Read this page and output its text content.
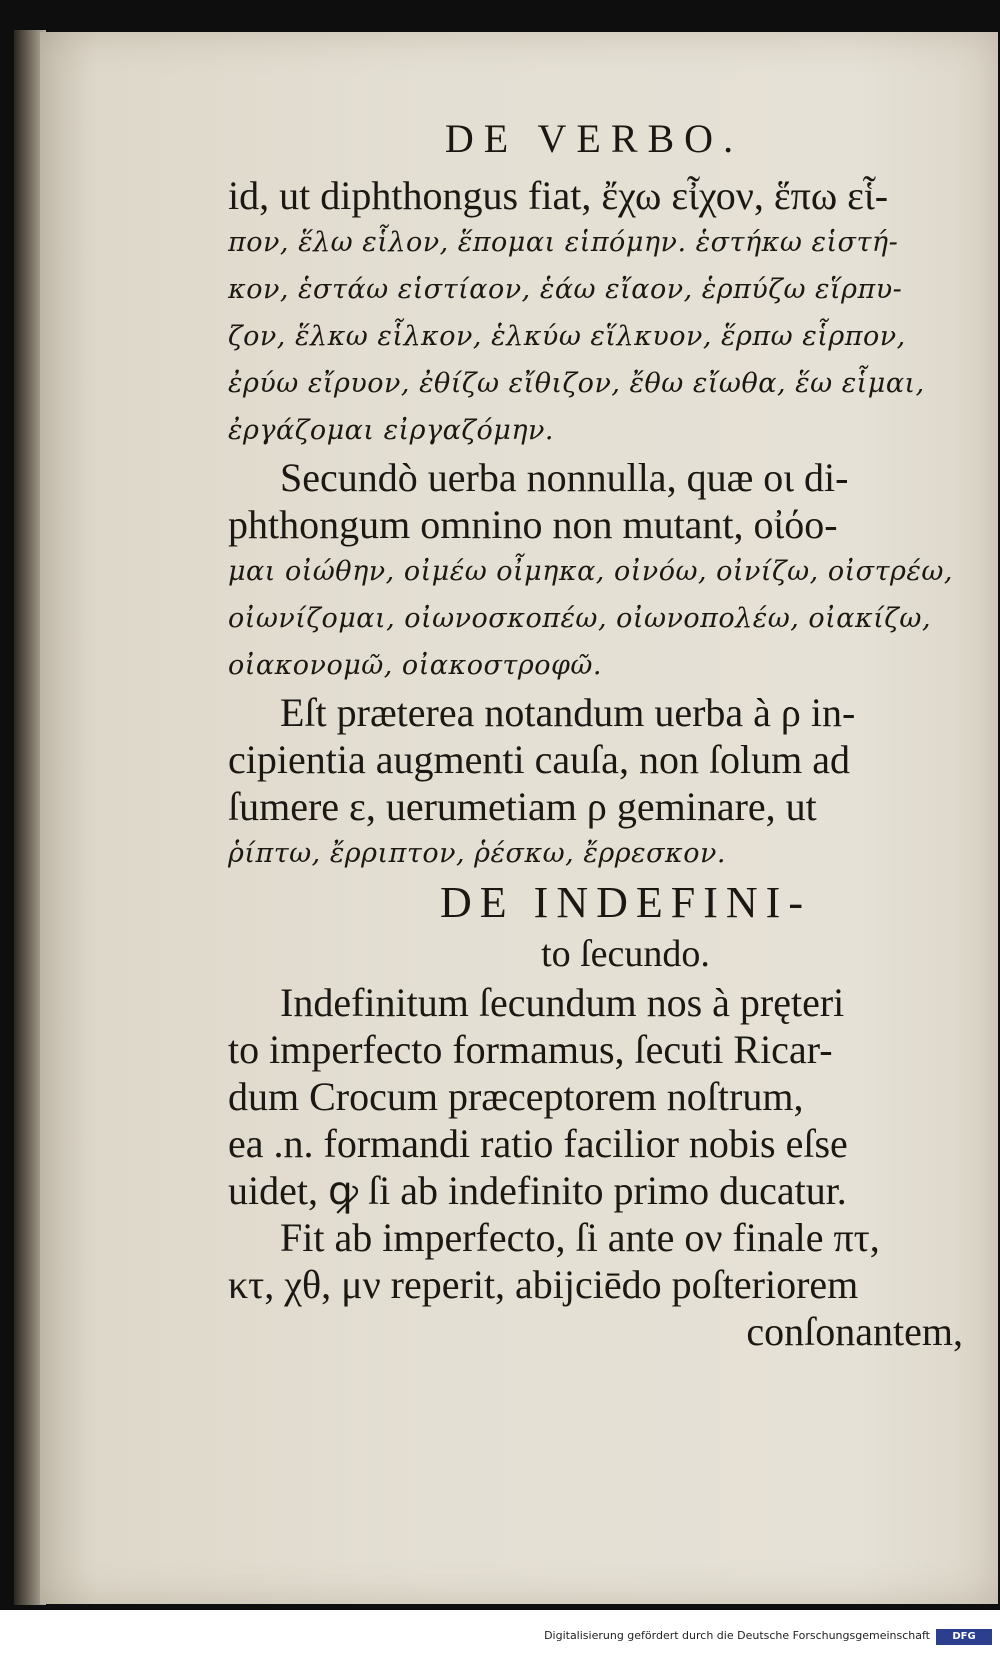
DE VERBO.
id, ut diphthongus fiat, ἔχω εἶχον, ἕπω εἷ-
πον, ἕλω εἷλον, ἕπομαι εἱπόμην. ἑστήκω εἱστή-
κον, ἑστάω εἱστίαον, ἑάω εἴαον, ἑρπύζω εἵρπυ-
ζον, ἕλκω εἷλκον, ἑλκύω εἵλκυον, ἕρπω εἷρπον,
ἐρύω εἴρυον, ἐθίζω εἴθιζον, ἔθω εἴωθα, ἕω εἷμαι,
ἐργάζομαι εἰργαζόμην.
Secundò uerba nonnulla, quæ οι di-
phthongum omnino non mutant, οἰόο-
μαι οἰώθην, οἰμέω οἶμηκα, οἰνόω, οἰνίζω, οἰστρέω,
οἰωνίζομαι, οἰωνοσκοπέω, οἰωνοπολέω, οἰακίζω,
οἰακονομῶ, οἰακοστροφῶ.
Eſt præterea notandum uerba à ρ in-
cipientia augmenti cauſa, non ſolum ad
ſumere ε, uerumetiam ρ geminare, ut
ῥίπτω, ἔρριπτον, ῥέσκω, ἔρρεσκον.
DE INDEFINI-
to ſecundo.
Indefinitum ſecundum nos à pręteri
to imperfecto formamus, ſecuti Ricar-
dum Crocum præceptorem noſtrum,
ea .n. formandi ratio facilior nobis eſse
uidet, ꝙ ſi ab indefinito primo ducatur.
Fit ab imperfecto, ſi ante ον finale πτ,
κτ, χθ, μν reperit, abijciēdo poſteriorem
conſonantem,
Digitalisierung gefördert durch die Deutsche Forschungsgemeinschaft	DFG
